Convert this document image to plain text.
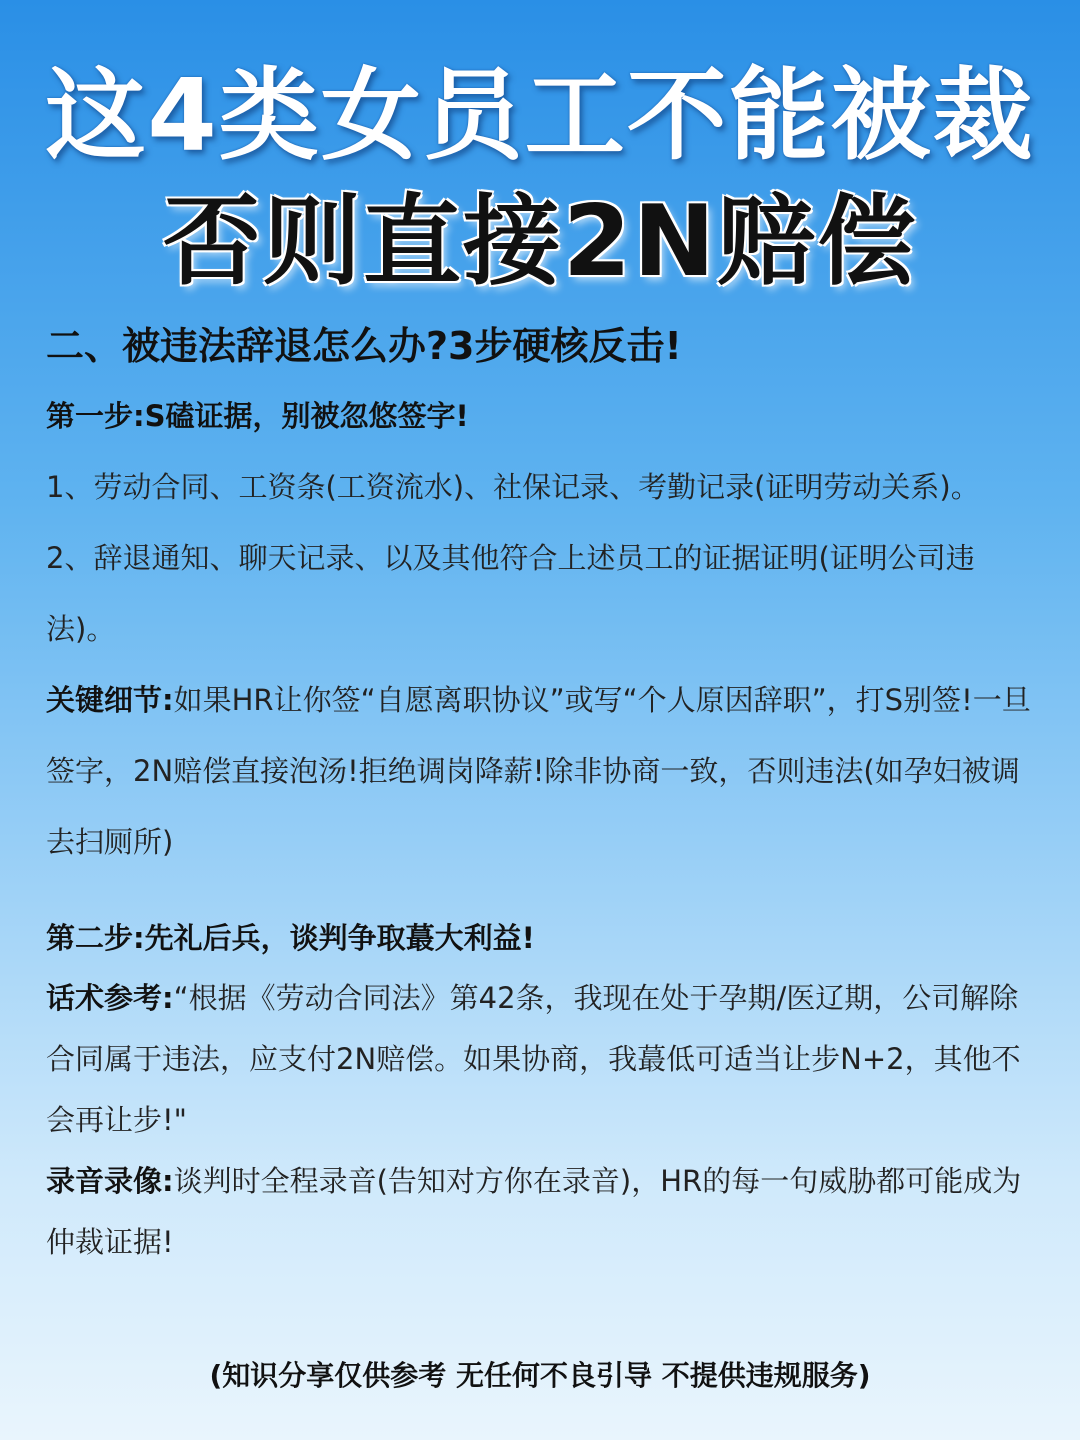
这4类女员工不能被裁
否则直接2N赔偿
二、被违法辞退怎么办?3步硬核反击!
第一步:S磕证据，别被忽悠签字!

1、劳动合同、工资条(工资流水)、社保记录、考勤记录(证明劳动关系)。

2、辞退通知、聊天记录、以及其他符合上述员工的证据证明(证明公司违法)。

关键细节:如果HR让你签“自愿离职协议”或写“个人原因辞职”，打S别签!一旦签字，2N赔偿直接泡汤!拒绝调岗降薪!除非协商一致，否则违法(如孕妇被调去扫厕所)

第二步:先礼后兵，谈判争取蕞大利益!

话术参考:“根据《劳动合同法》第42条，我现在处于孕期/医辽期，公司解除合同属于违法，应支付2N赔偿。如果协商，我蕞低可适当让步N+2，其他不会再让步!"

录音录像:谈判时全程录音(告知对方你在录音)，HR的每一句威胁都可能成为仲裁证据!

(知识分享仅供参考 无任何不良引导 不提供违规服务)
